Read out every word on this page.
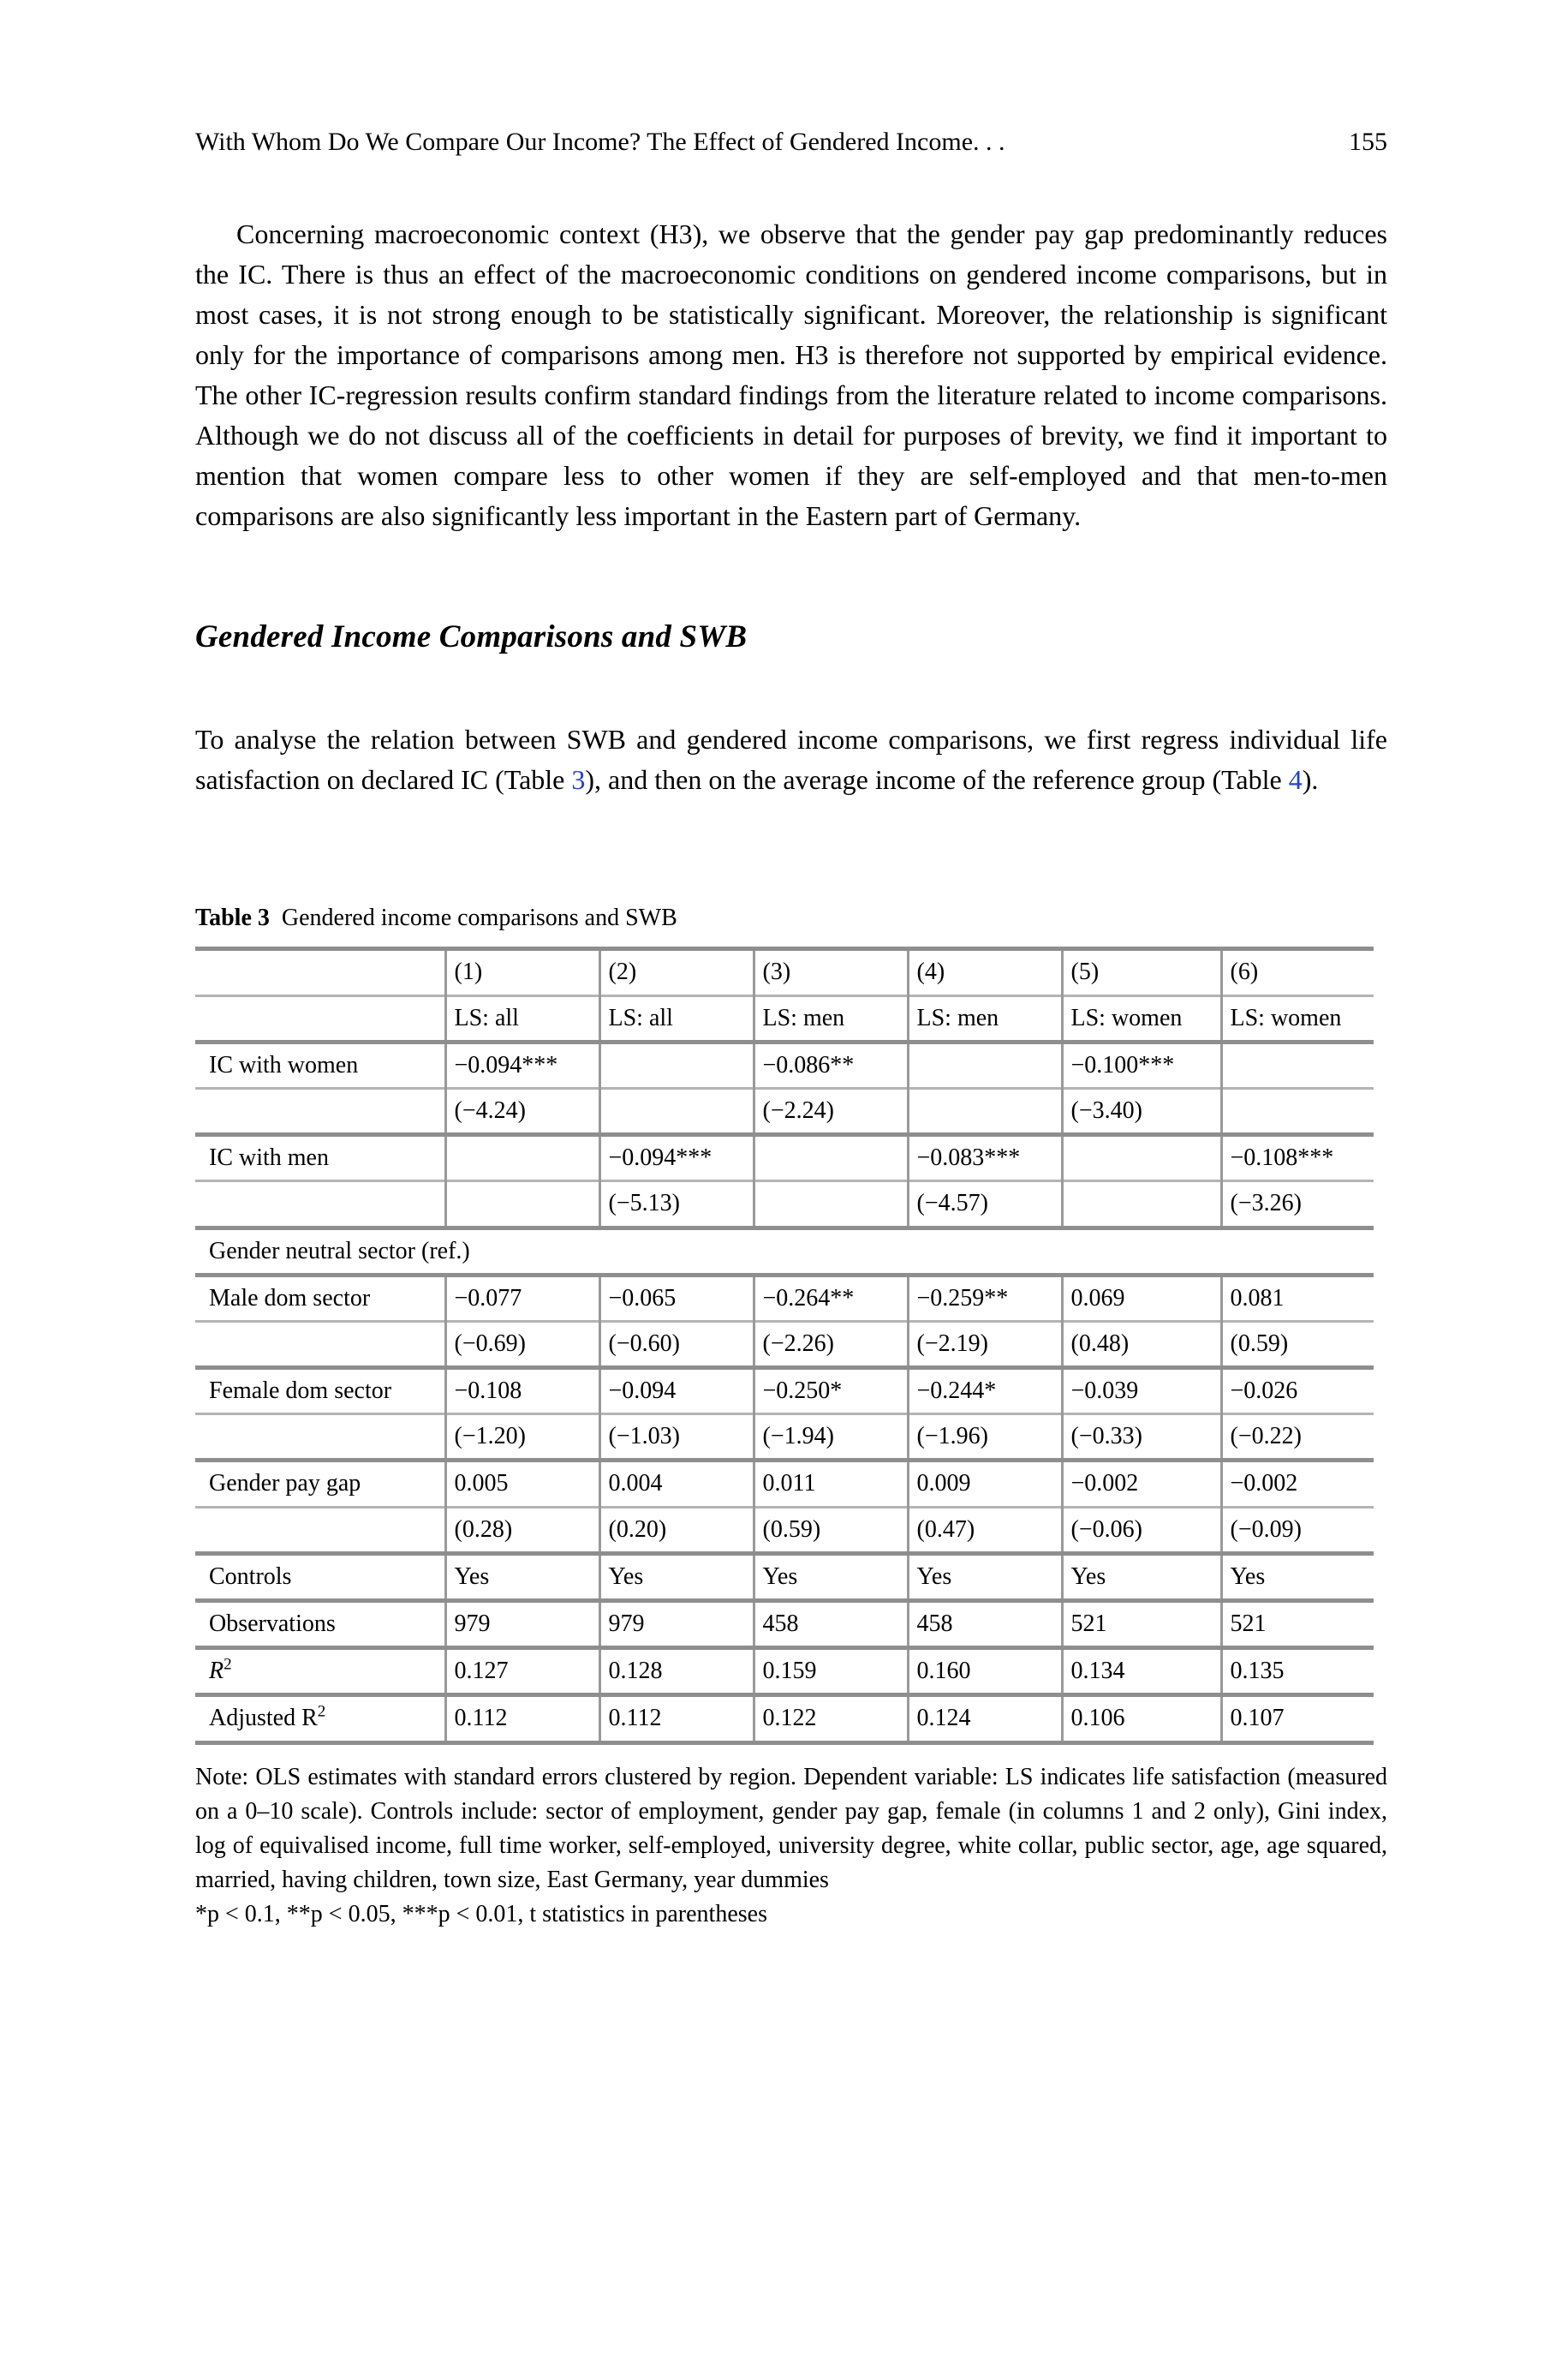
With Whom Do We Compare Our Income? The Effect of Gendered Income. . .	155

Concerning macroeconomic context (H3), we observe that the gender pay gap predominantly reduces the IC. There is thus an effect of the macroeconomic conditions on gendered income comparisons, but in most cases, it is not strong enough to be statistically significant. Moreover, the relationship is significant only for the importance of comparisons among men. H3 is therefore not supported by empirical evidence. The other IC-regression results confirm standard findings from the literature related to income comparisons. Although we do not discuss all of the coefficients in detail for purposes of brevity, we find it important to mention that women compare less to other women if they are self-employed and that men-to-men comparisons are also significantly less important in the Eastern part of Germany.

Gendered Income Comparisons and SWB

To analyse the relation between SWB and gendered income comparisons, we first regress individual life satisfaction on declared IC (Table 3), and then on the average income of the reference group (Table 4).

Table 3 Gendered income comparisons and SWB
	(1)	(2)	(3)	(4)	(5)	(6)
	LS: all	LS: all	LS: men	LS: men	LS: women	LS: women
IC with women	−0.094***		−0.086**		−0.100***	
	(−4.24)		(−2.24)		(−3.40)	
IC with men		−0.094***		−0.083***		−0.108***
		(−5.13)		(−4.57)		(−3.26)
Gender neutral sector (ref.)						
Male dom sector	−0.077	−0.065	−0.264**	−0.259**	0.069	0.081
	(−0.69)	(−0.60)	(−2.26)	(−2.19)	(0.48)	(0.59)
Female dom sector	−0.108	−0.094	−0.250*	−0.244*	−0.039	−0.026
	(−1.20)	(−1.03)	(−1.94)	(−1.96)	(−0.33)	(−0.22)
Gender pay gap	0.005	0.004	0.011	0.009	−0.002	−0.002
	(0.28)	(0.20)	(0.59)	(0.47)	(−0.06)	(−0.09)
Controls	Yes	Yes	Yes	Yes	Yes	Yes
Observations	979	979	458	458	521	521
$R^2$	0.127	0.128	0.159	0.160	0.134	0.135
Adjusted $R^2$	0.112	0.112	0.122	0.124	0.106	0.107
Note: OLS estimates with standard errors clustered by region. Dependent variable: LS indicates life satisfaction (measured on a 0–10 scale). Controls include: sector of employment, gender pay gap, female (in columns 1 and 2 only), Gini index, log of equivalised income, full time worker, self-employed, university degree, white collar, public sector, age, age squared, married, having children, town size, East Germany, year dummies
*p < 0.1, **p < 0.05, ***p < 0.01, t statistics in parentheses
